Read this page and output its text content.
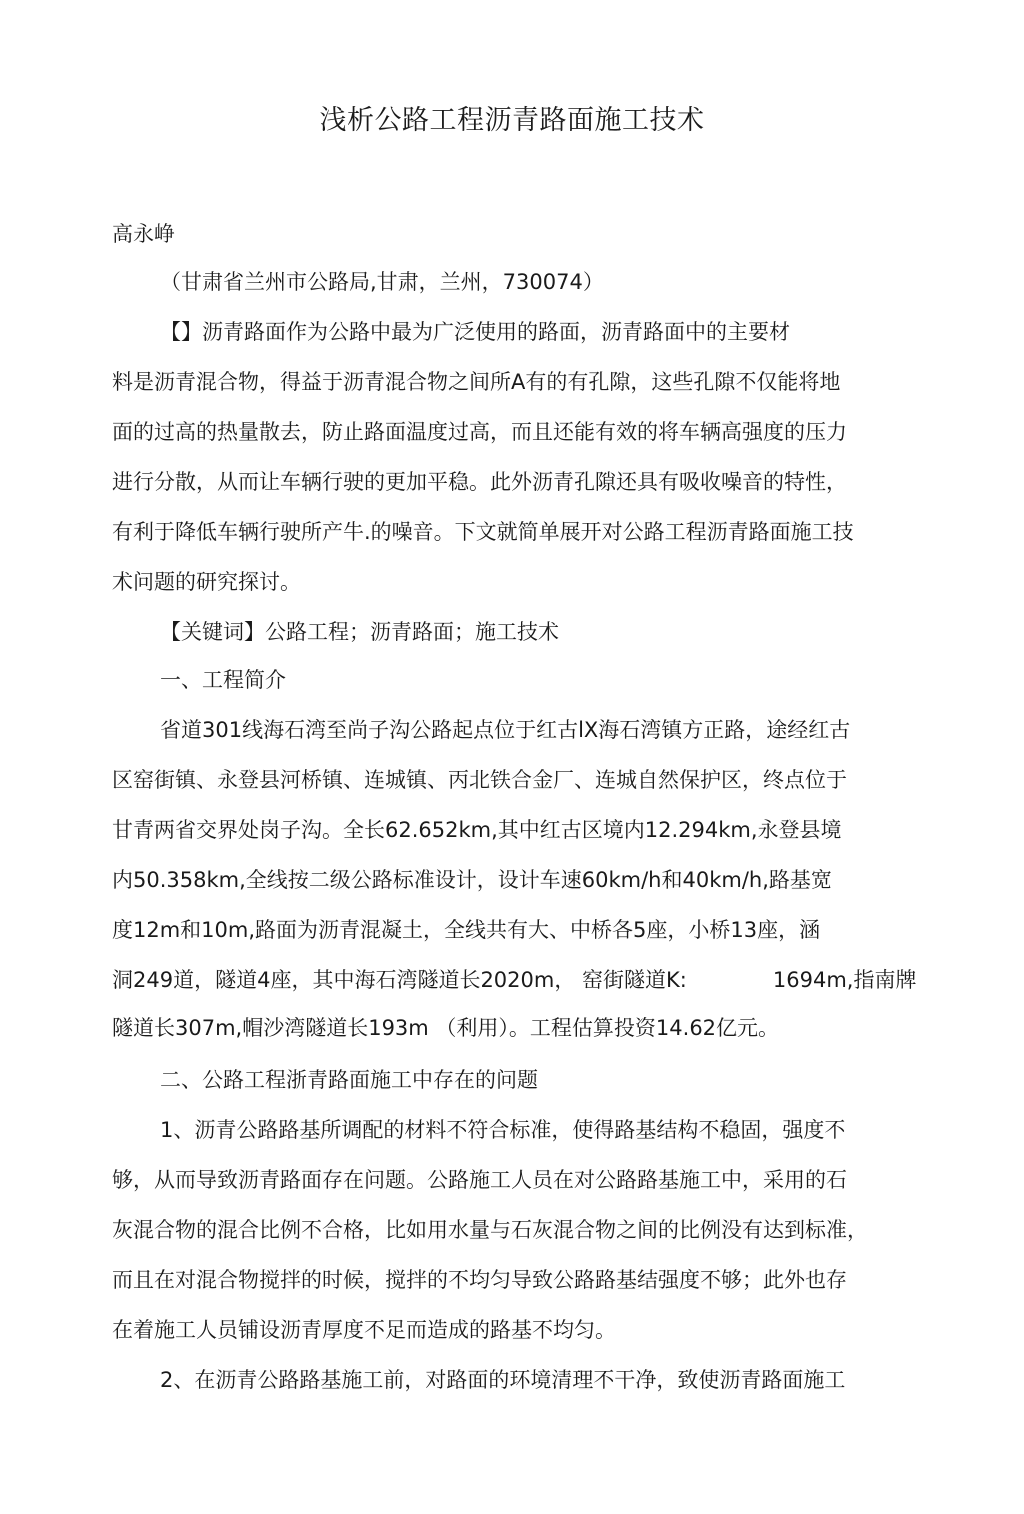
浅析公路工程沥青路面施工技术
高永峥
（甘肃省兰州市公路局,甘肃，兰州，730074）
【】沥青路面作为公路中最为广泛使用的路面，沥青路面中的主要材
料是沥青混合物，得益于沥青混合物之间所A有的有孔隙，这些孔隙不仅能将地
面的过高的热量散去，防止路面温度过高，而且还能有效的将车辆高强度的压力
进行分散，从而让车辆行驶的更加平稳。此外沥青孔隙还具有吸收噪音的特性，
有利于降低车辆行驶所产牛.的噪音。下文就简单展开对公路工程沥青路面施工技
术问题的研究探讨。
【关键词】公路工程；沥青路面；施工技术
一、工程简介
省道301线海石湾至尚子沟公路起点位于红古lX海石湾镇方正路，途经红古
区窑街镇、永登县河桥镇、连城镇、丙北铁合金厂、连城自然保护区，终点位于
甘青两省交界处岗子沟。全长62.652km,其中红古区境内12.294km,永登县境
内50.358km,全线按二级公路标准设计，设计车速60km/h和40km/h,路基宽
度12m和10m,路面为沥青混凝土，全线共有大、中桥各5座，小桥13座，涵
洞249道，隧道4座，其中海石湾隧道长2020m， 窑街隧道K:	1694m,指南牌
隧道长307m,帽沙湾隧道长193m （利用）。工程估算投资14.62亿元。
二、公路工程浙青路面施工中存在的问题
1、沥青公路路基所调配的材料不符合标准，使得路基结构不稳固，强度不
够，从而导致沥青路面存在问题。公路施工人员在对公路路基施工中，采用的石
灰混合物的混合比例不合格，比如用水量与石灰混合物之间的比例没有达到标准，
而且在对混合物搅拌的时候，搅拌的不均匀导致公路路基结强度不够；此外也存
在着施工人员铺设沥青厚度不足而造成的路基不均匀。
2、在沥青公路路基施工前，对路面的环境清理不干净，致使沥青路面施工
